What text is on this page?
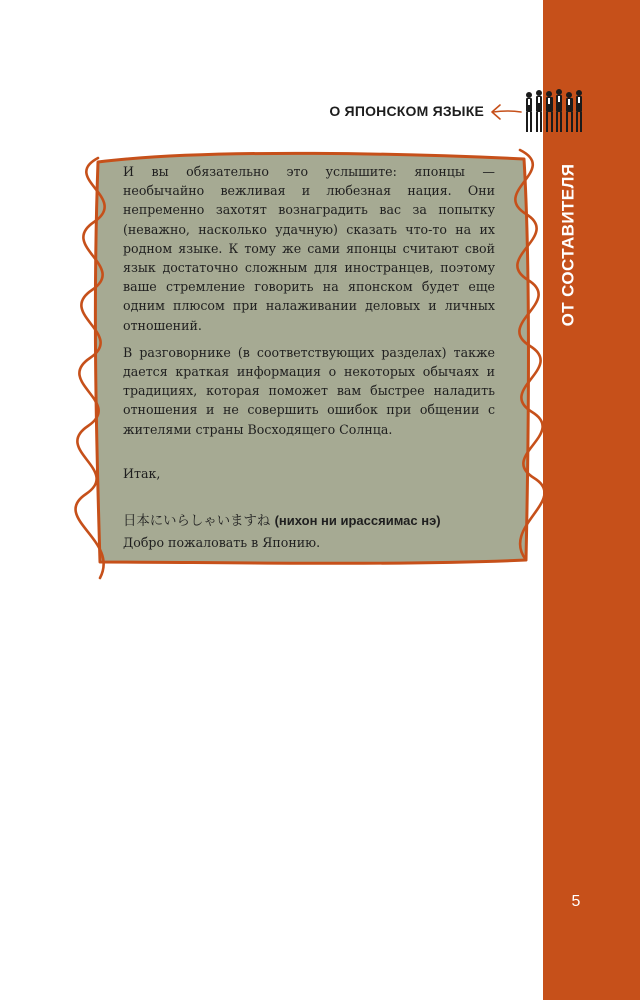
ОТ СОСТАВИТЕЛЯ
5
О ЯПОНСКОМ ЯЗЫКЕ

И вы обязательно это услышите: японцы — необычайно вежливая и любезная нация. Они непременно захотят вознаградить вас за попытку (неважно, насколько удачную) сказать что-то на их родном языке. К тому же сами японцы считают свой язык достаточно сложным для иностранцев, поэтому ваше стремление говорить на японском будет еще одним плюсом при налаживании деловых и личных отношений.

В разговорнике (в соответствующих разделах) также дается краткая информация о некоторых обычаях и традициях, которая поможет вам быстрее наладить отношения и не совершить ошибок при общении с жителями страны Восходящего Солнца.

Итак,

日本にいらしゃいますね (нихон ни ирассяимас нэ)

Добро пожаловать в Японию.
